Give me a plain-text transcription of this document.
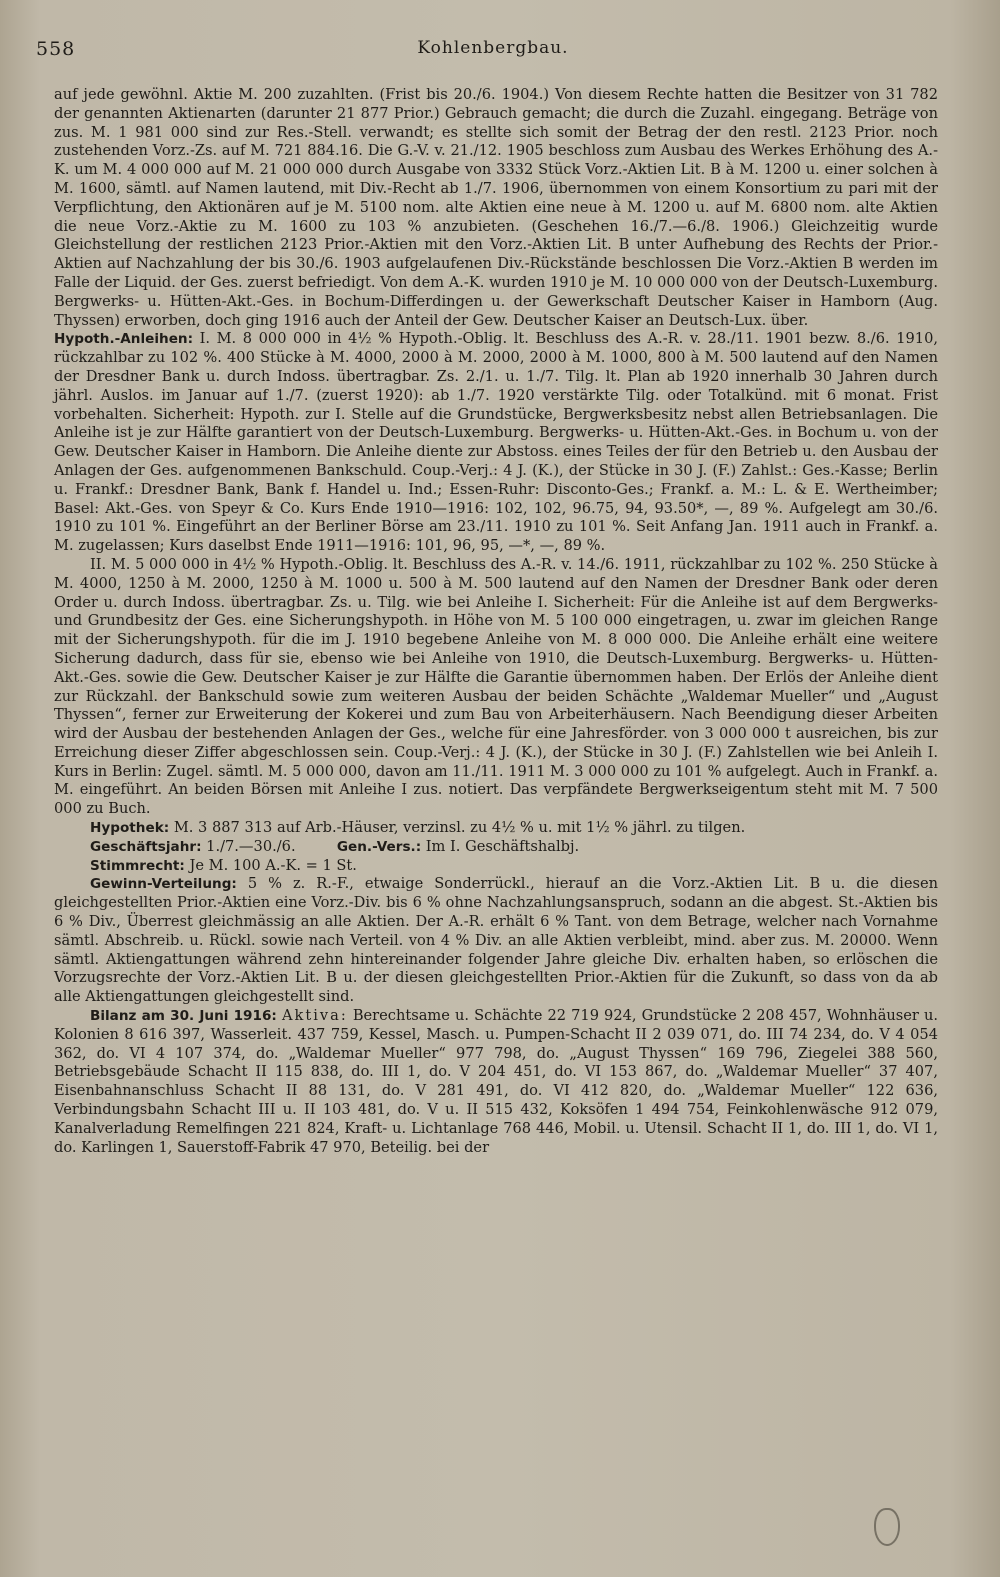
558	Kohlenbergbau.

auf jede gewöhnl. Aktie M. 200 zuzahlten. (Frist bis 20./6. 1904.) Von diesem Rechte hatten die Besitzer von 31 782 der genannten Aktienarten (darunter 21 877 Prior.) Gebrauch gemacht; die durch die Zuzahl. eingegang. Beträge von zus. M. 1 981 000 sind zur Res.-Stell. verwandt; es stellte sich somit der Betrag der den restl. 2123 Prior. noch zustehenden Vorz.-Zs. auf M. 721 884.16. Die G.-V. v. 21./12. 1905 beschloss zum Ausbau des Werkes Erhöhung des A.-K. um M. 4 000 000 auf M. 21 000 000 durch Ausgabe von 3332 Stück Vorz.-Aktien Lit. B à M. 1200 u. einer solchen à M. 1600, sämtl. auf Namen lautend, mit Div.-Recht ab 1./7. 1906, übernommen von einem Konsortium zu pari mit der Verpflichtung, den Aktionären auf je M. 5100 nom. alte Aktien eine neue à M. 1200 u. auf M. 6800 nom. alte Aktien die neue Vorz.-Aktie zu M. 1600 zu 103 % anzubieten. (Geschehen 16./7.—6./8. 1906.) Gleichzeitig wurde Gleichstellung der restlichen 2123 Prior.-Aktien mit den Vorz.-Aktien Lit. B unter Aufhebung des Rechts der Prior.-Aktien auf Nachzahlung der bis 30./6. 1903 aufgelaufenen Div.-Rückstände beschlossen Die Vorz.-Aktien B werden im Falle der Liquid. der Ges. zuerst befriedigt. Von dem A.-K. wurden 1910 je M. 10 000 000 von der Deutsch-Luxemburg. Bergwerks- u. Hütten-Akt.-Ges. in Bochum-Differdingen u. der Gewerkschaft Deutscher Kaiser in Hamborn (Aug. Thyssen) erworben, doch ging 1916 auch der Anteil der Gew. Deutscher Kaiser an Deutsch-Lux. über.

Hypoth.-Anleihen: I. M. 8 000 000 in 4½ % Hypoth.-Oblig. lt. Beschluss des A.-R. v. 28./11. 1901 bezw. 8./6. 1910, rückzahlbar zu 102 %. 400 Stücke à M. 4000, 2000 à M. 2000, 2000 à M. 1000, 800 à M. 500 lautend auf den Namen der Dresdner Bank u. durch Indoss. übertragbar. Zs. 2./1. u. 1./7. Tilg. lt. Plan ab 1920 innerhalb 30 Jahren durch jährl. Auslos. im Januar auf 1./7. (zuerst 1920): ab 1./7. 1920 verstärkte Tilg. oder Totalkünd. mit 6 monat. Frist vorbehalten. Sicherheit: Hypoth. zur I. Stelle auf die Grundstücke, Bergwerksbesitz nebst allen Betriebsanlagen. Die Anleihe ist je zur Hälfte garantiert von der Deutsch-Luxemburg. Bergwerks- u. Hütten-Akt.-Ges. in Bochum u. von der Gew. Deutscher Kaiser in Hamborn. Die Anleihe diente zur Abstoss. eines Teiles der für den Betrieb u. den Ausbau der Anlagen der Ges. aufgenommenen Bankschuld. Coup.-Verj.: 4 J. (K.), der Stücke in 30 J. (F.) Zahlst.: Ges.-Kasse; Berlin u. Frankf.: Dresdner Bank, Bank f. Handel u. Ind.; Essen-Ruhr: Disconto-Ges.; Frankf. a. M.: L. & E. Wertheimber; Basel: Akt.-Ges. von Speyr & Co. Kurs Ende 1910—1916: 102, 102, 96.75, 94, 93.50*, —, 89 %. Aufgelegt am 30./6. 1910 zu 101 %. Eingeführt an der Berliner Börse am 23./11. 1910 zu 101 %. Seit Anfang Jan. 1911 auch in Frankf. a. M. zugelassen; Kurs daselbst Ende 1911—1916: 101, 96, 95, —*, —, 89 %.

II. M. 5 000 000 in 4½ % Hypoth.-Oblig. lt. Beschluss des A.-R. v. 14./6. 1911, rückzahlbar zu 102 %. 250 Stücke à M. 4000, 1250 à M. 2000, 1250 à M. 1000 u. 500 à M. 500 lautend auf den Namen der Dresdner Bank oder deren Order u. durch Indoss. übertragbar. Zs. u. Tilg. wie bei Anleihe I. Sicherheit: Für die Anleihe ist auf dem Bergwerks- und Grundbesitz der Ges. eine Sicherungshypoth. in Höhe von M. 5 100 000 eingetragen, u. zwar im gleichen Range mit der Sicherungshypoth. für die im J. 1910 begebene Anleihe von M. 8 000 000. Die Anleihe erhält eine weitere Sicherung dadurch, dass für sie, ebenso wie bei Anleihe von 1910, die Deutsch-Luxemburg. Bergwerks- u. Hütten-Akt.-Ges. sowie die Gew. Deutscher Kaiser je zur Hälfte die Garantie übernommen haben. Der Erlös der Anleihe dient zur Rückzahl. der Bankschuld sowie zum weiteren Ausbau der beiden Schächte „Waldemar Mueller“ und „August Thyssen“, ferner zur Erweiterung der Kokerei und zum Bau von Arbeiterhäusern. Nach Beendigung dieser Arbeiten wird der Ausbau der bestehenden Anlagen der Ges., welche für eine Jahresförder. von 3 000 000 t ausreichen, bis zur Erreichung dieser Ziffer abgeschlossen sein. Coup.-Verj.: 4 J. (K.), der Stücke in 30 J. (F.) Zahlstellen wie bei Anleih I. Kurs in Berlin: Zugel. sämtl. M. 5 000 000, davon am 11./11. 1911 M. 3 000 000 zu 101 % aufgelegt. Auch in Frankf. a. M. eingeführt. An beiden Börsen mit Anleihe I zus. notiert. Das verpfändete Bergwerkseigentum steht mit M. 7 500 000 zu Buch.

Hypothek: M. 3 887 313 auf Arb.-Häuser, verzinsl. zu 4½ % u. mit 1½ % jährl. zu tilgen.

Geschäftsjahr: 1./7.—30./6.	Gen.-Vers.: Im I. Geschäftshalbj.

Stimmrecht: Je M. 100 A.-K. = 1 St.

Gewinn-Verteilung: 5 % z. R.-F., etwaige Sonderrückl., hierauf an die Vorz.-Aktien Lit. B u. die diesen gleichgestellten Prior.-Aktien eine Vorz.-Div. bis 6 % ohne Nachzahlungsanspruch, sodann an die abgest. St.-Aktien bis 6 % Div., Überrest gleichmässig an alle Aktien. Der A.-R. erhält 6 % Tant. von dem Betrage, welcher nach Vornahme sämtl. Abschreib. u. Rückl. sowie nach Verteil. von 4 % Div. an alle Aktien verbleibt, mind. aber zus. M. 20000. Wenn sämtl. Aktiengattungen während zehn hintereinander folgender Jahre gleiche Div. erhalten haben, so erlöschen die Vorzugsrechte der Vorz.-Aktien Lit. B u. der diesen gleichgestellten Prior.-Aktien für die Zukunft, so dass von da ab alle Aktiengattungen gleichgestellt sind.

Bilanz am 30. Juni 1916: Aktiva: Berechtsame u. Schächte 22 719 924, Grundstücke 2 208 457, Wohnhäuser u. Kolonien 8 616 397, Wasserleit. 437 759, Kessel, Masch. u. Pumpen-Schacht II 2 039 071, do. III 74 234, do. V 4 054 362, do. VI 4 107 374, do. „Waldemar Mueller“ 977 798, do. „August Thyssen“ 169 796, Ziegelei 388 560, Betriebsgebäude Schacht II 115 838, do. III 1, do. V 204 451, do. VI 153 867, do. „Waldemar Mueller“ 37 407, Eisenbahnanschluss Schacht II 88 131, do. V 281 491, do. VI 412 820, do. „Waldemar Mueller“ 122 636, Verbindungsbahn Schacht III u. II 103 481, do. V u. II 515 432, Koksöfen 1 494 754, Feinkohlenwäsche 912 079, Kanalverladung Remelfingen 221 824, Kraft- u. Lichtanlage 768 446, Mobil. u. Utensil. Schacht II 1, do. III 1, do. VI 1, do. Karlingen 1, Sauerstoff-Fabrik 47 970, Beteilig. bei der
